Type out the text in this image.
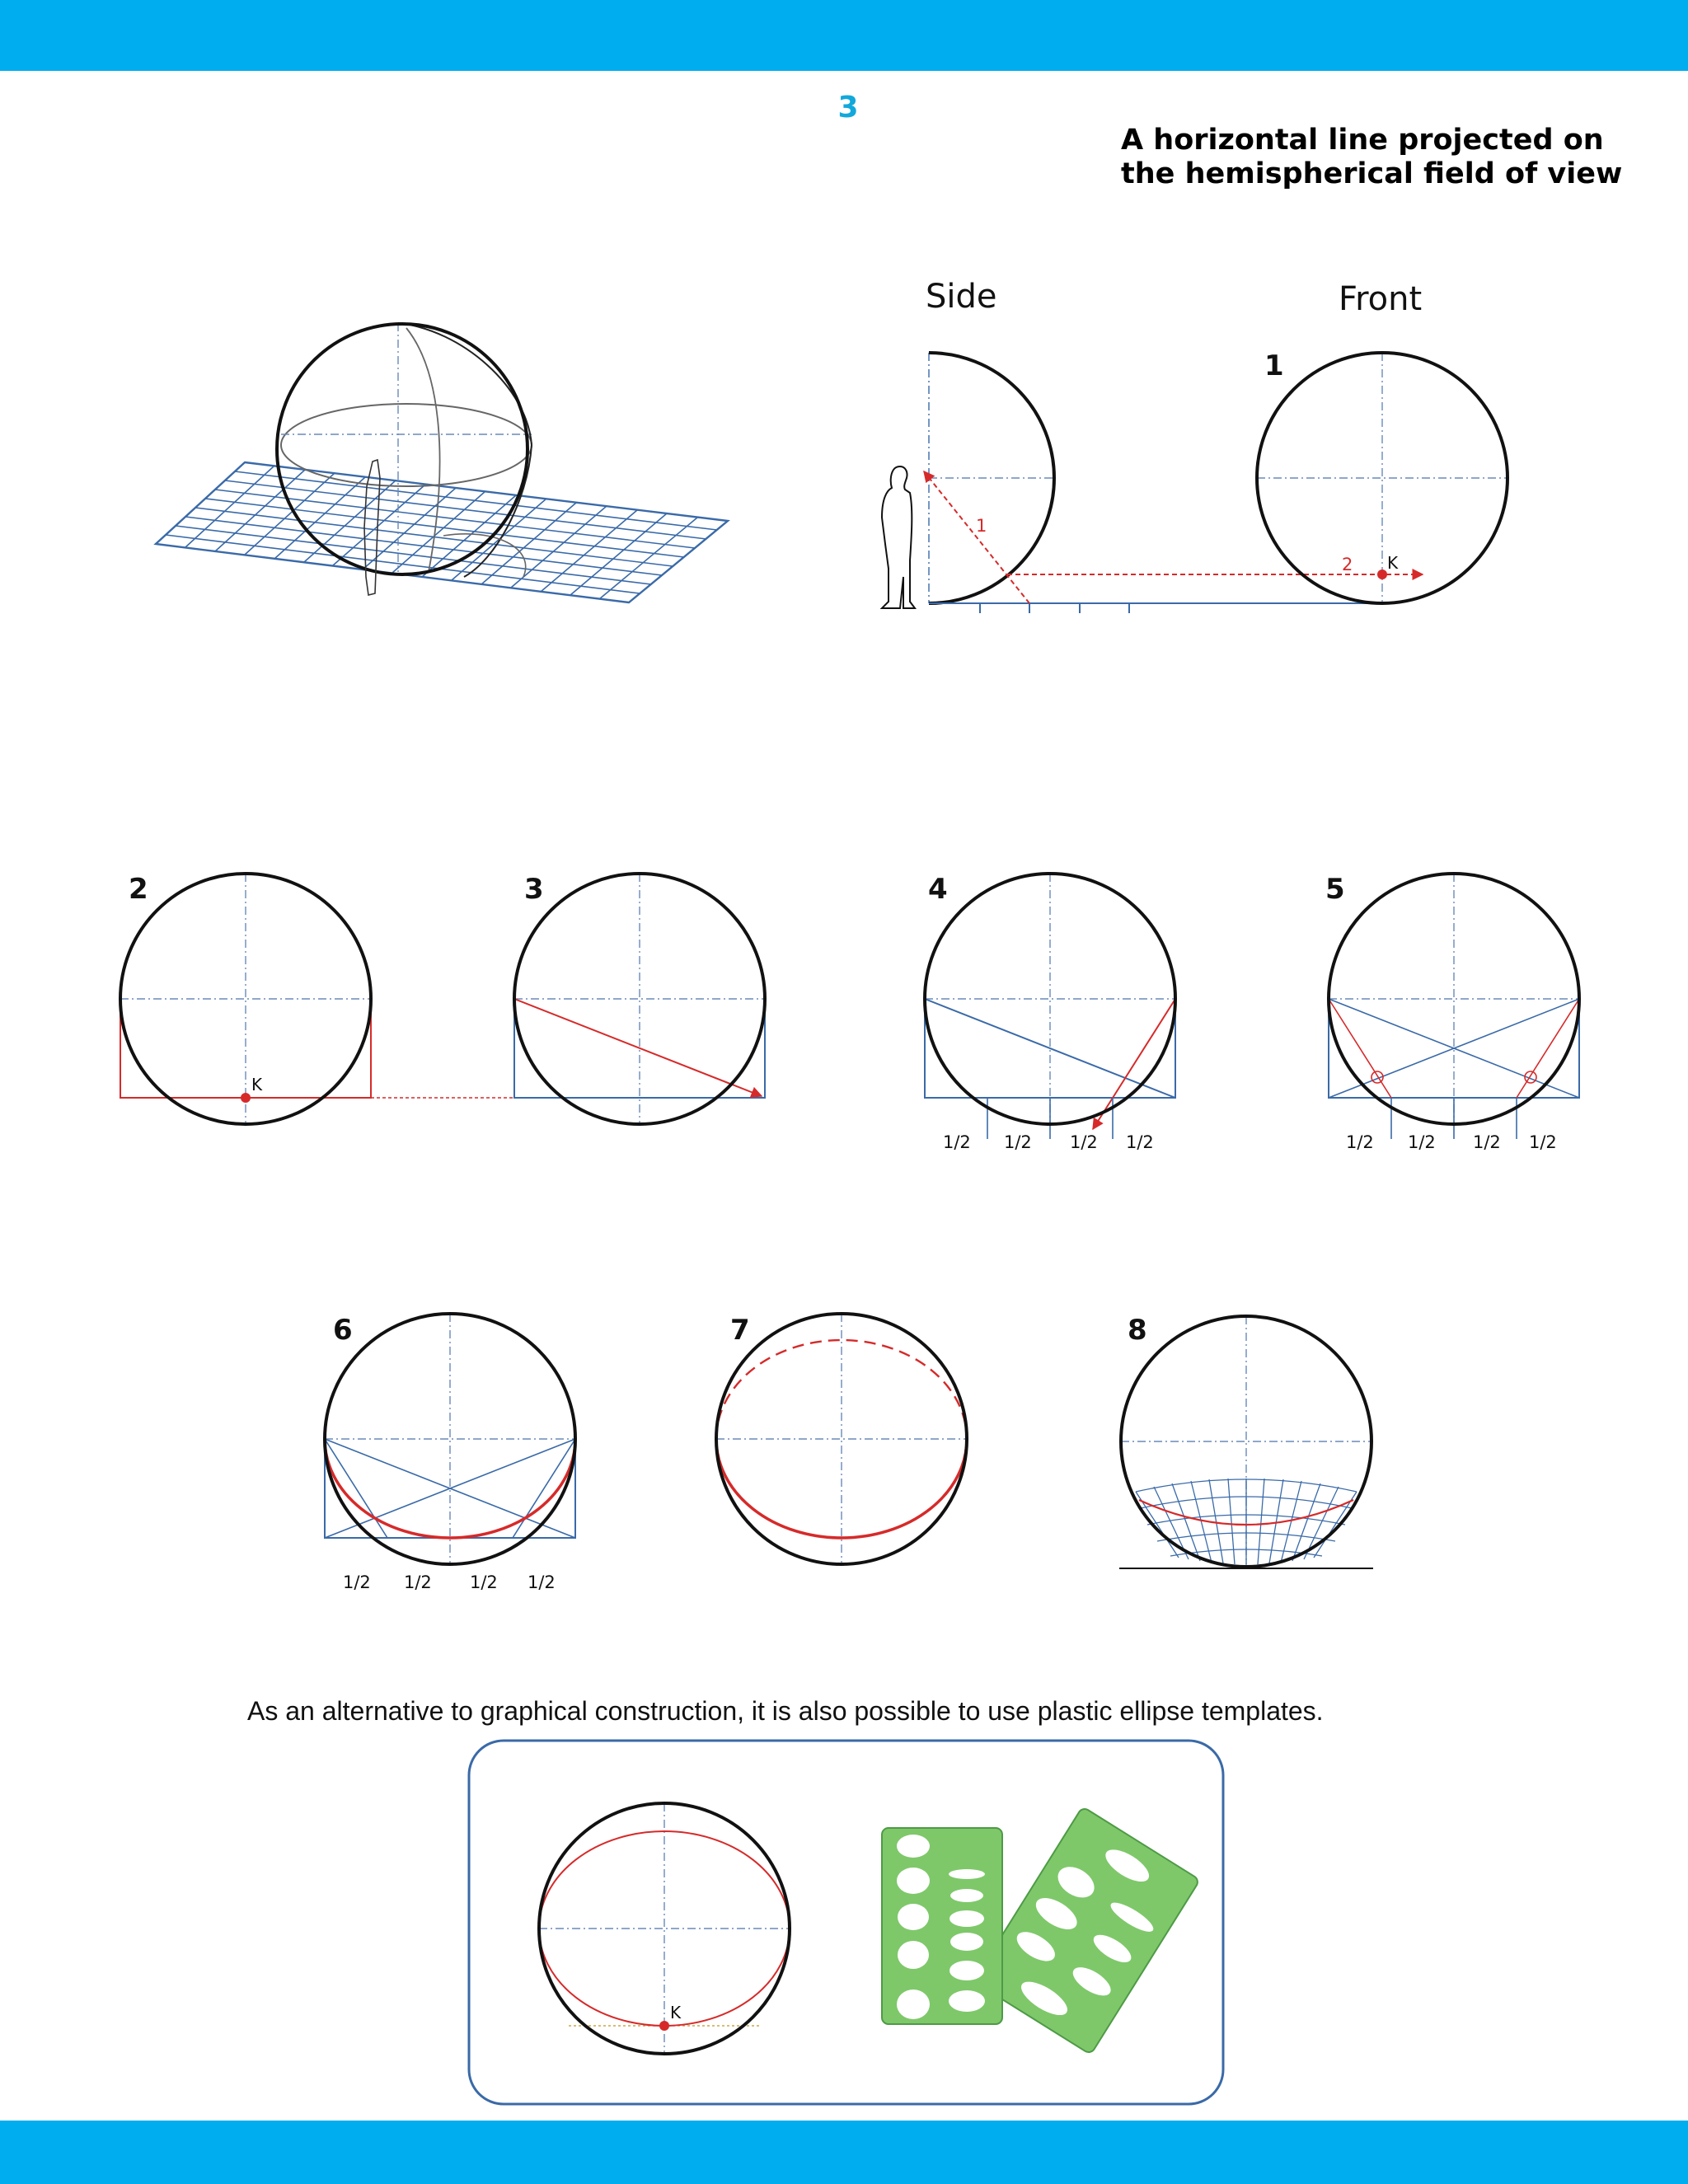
3
A horizontal line projected on
the hemispherical field of view
Side
1
2
Front
1
K
2
K
3	4
1/2 1/2 1/2 1/2
5
1/2 1/2 1/2 1/2
6
1/2 1/2 1/2 1/2
7	8
K
As an alternative to graphical construction, it is also possible to use plastic ellipse templates.
